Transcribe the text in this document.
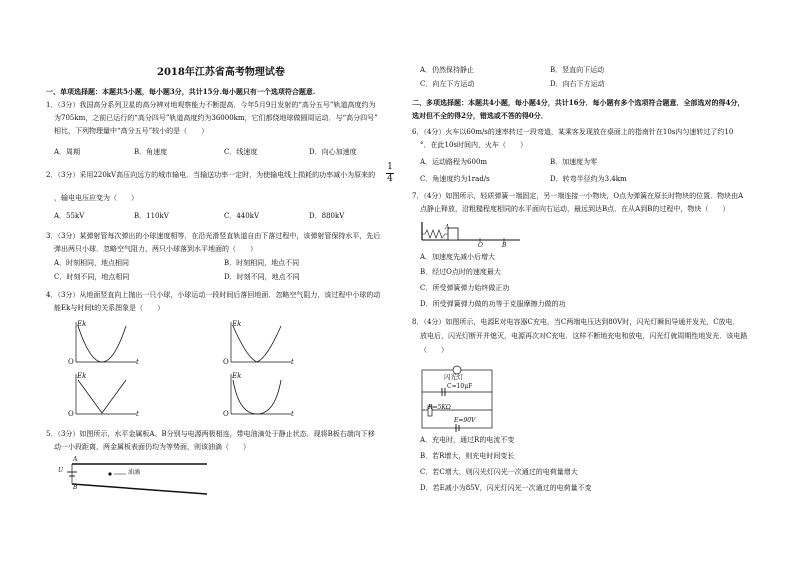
2018年江苏省高考物理试卷
一、单项选择题：本题共5小题，每小题3分，共计15分.每小题只有一个选项符合题意.
1．（3分）我国高分系列卫星的高分辨对地观察能力不断提高．今年5月9日发射的“高分五号”轨道高度约为
为705km，之前已运行的“高分四号”轨道高度约为36000km，它们都绕地球做圆周运动．与“高分四号”
相比，下列物理量中“高分五号”较小的是（　　）
A．周期	B．角速度	C．线速度	D．向心加速度
2．（3分）采用220kV高压向远方的城市输电．当输送功率一定时，为使输电线上损耗的功率减小为原来的
1
4
，输电电压应变为（　　）
A．55kV	B．110kV	C．440kV	D．880kV
3．（3分）某弹射管每次弹出的小球速度相等．在沿光滑竖直轨道自由下落过程中，该弹射管保持水平，先后
弹出两只小球．忽略空气阻力，两只小球落到水平地面的（　　）
A．时刻相同，地点相同	B．时刻相同，地点不同
C．时刻不同，地点相同	D．时刻不同，地点不同
4．（3分）从地面竖直向上抛出一只小球，小球运动一段时间后落回地面．忽略空气阻力，该过程中小球的动
能Ek与时间t的关系图象是（　　）
Ek
O	t
Ek
O	t
Ek
O	t
Ek
O	t
5．（3分）如图所示，水平金属板A、B分别与电源两极相连，带电油滴处于静止状态．现将B板右端向下移
动一小段距离，两金属板表面仍均为等势面，则该油滴（　　）
A
B
U	油滴
A．仍然保持静止	B．竖直向下运动
C．向左下方运动	D．向右下方运动
二、多项选择题：本题共4小题，每小题4分，共计16分．每小题有多个选项符合题意．全部选对的得4分，
选对但不全的得2分，错选或不答的得0分．
6．（4分）火车以60m/s的速率转过一段弯道，某乘客发现放在桌面上的指南针在10s内匀速转过了约10
°．在此10s时间内，火车（　　）
A．运动路程为600m	B．加速度为零
C．角速度约为1rad/s	D．转弯半径约为3.4km
7．（4分）如图所示，轻质弹簧一端固定，另一端连接一小物块，O点为弹簧在原长时物块的位置．物块由A
点静止释放，沿粗糙程度相同的水平面向右运动，最远到达B点．在从A到B的过程中，物块（　　）
A
O	B
A．加速度先减小后增大
B．经过O点时的速度最大
C．所受弹簧弹力始终做正功
D．所受弹簧弹力做的功等于克服摩擦力做的功
8．（4分）如图所示，电源E对电容器C充电，当C两端电压达到80V时，闪光灯瞬间导通并发光，C放电．
放电后，闪光灯断开并熄灭，电源再次对C充电．这样不断地充电和放电，闪光灯就周期性地发光．该电路
（　　）
闪光灯
C=10μF
R=5KΩ
E=90V
A．充电时，通过R的电流不变
B．若R增大，则充电时间变长
C．若C增大，则闪光灯闪光一次通过的电荷量增大
D．若E减小为85V，闪光灯闪光一次通过的电荷量不变
